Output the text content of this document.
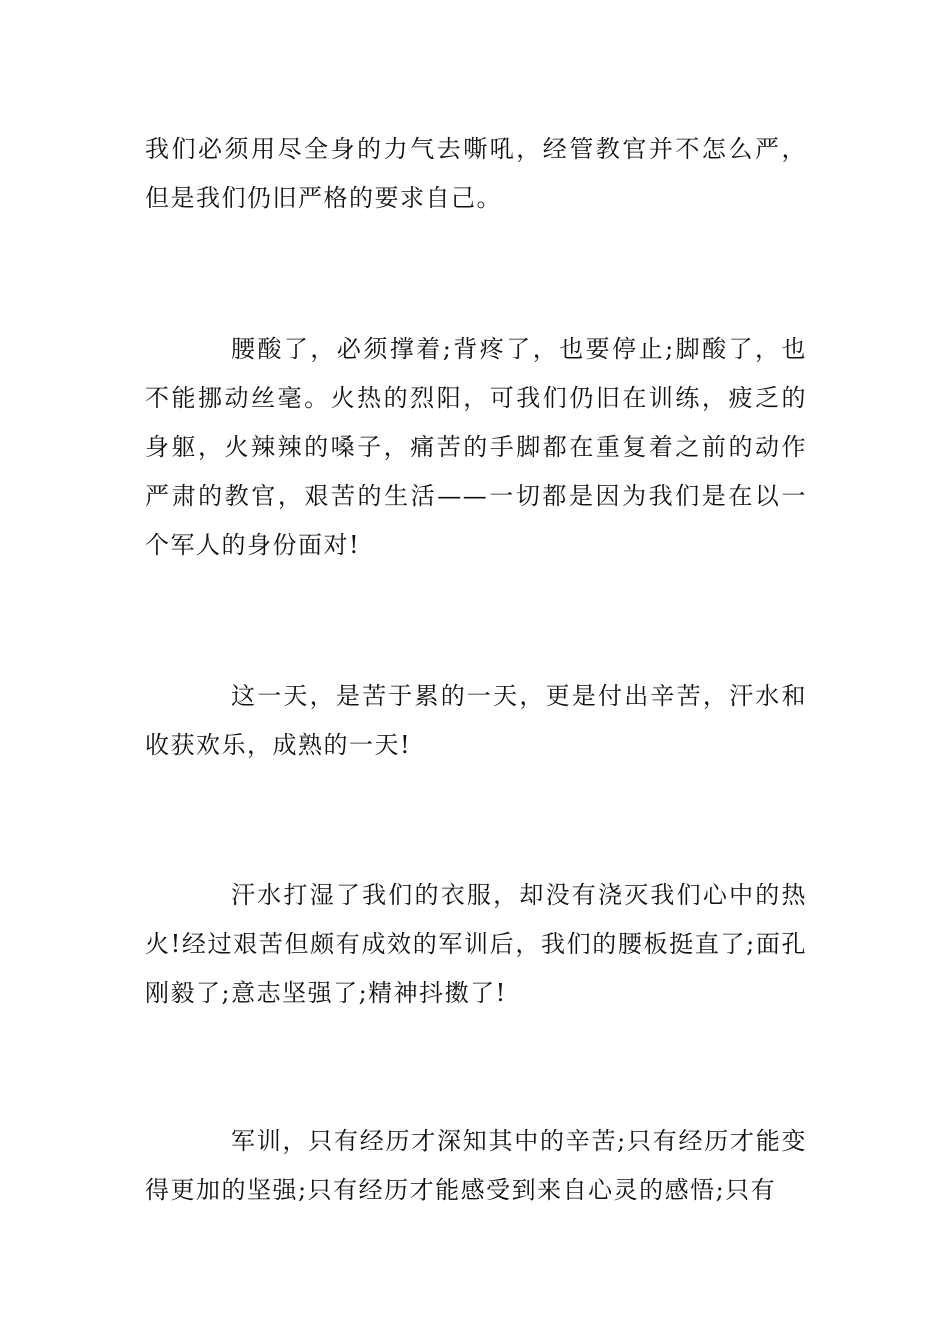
我们必须用尽全身的力气去嘶吼，经管教官并不怎么严，但是我们仍旧严格的要求自己。

腰酸了，必须撑着;背疼了，也要停止;脚酸了，也不能挪动丝毫。火热的烈阳，可我们仍旧在训练，疲乏的身躯，火辣辣的嗓子，痛苦的手脚都在重复着之前的动作严肃的教官，艰苦的生活——一切都是因为我们是在以一个军人的身份面对!

这一天，是苦于累的一天，更是付出辛苦，汗水和收获欢乐，成熟的一天!

汗水打湿了我们的衣服，却没有浇灭我们心中的热火!经过艰苦但颇有成效的军训后，我们的腰板挺直了;面孔刚毅了;意志坚强了;精神抖擞了!

军训，只有经历才深知其中的辛苦;只有经历才能变得更加的坚强;只有经历才能感受到来自心灵的感悟;只有
